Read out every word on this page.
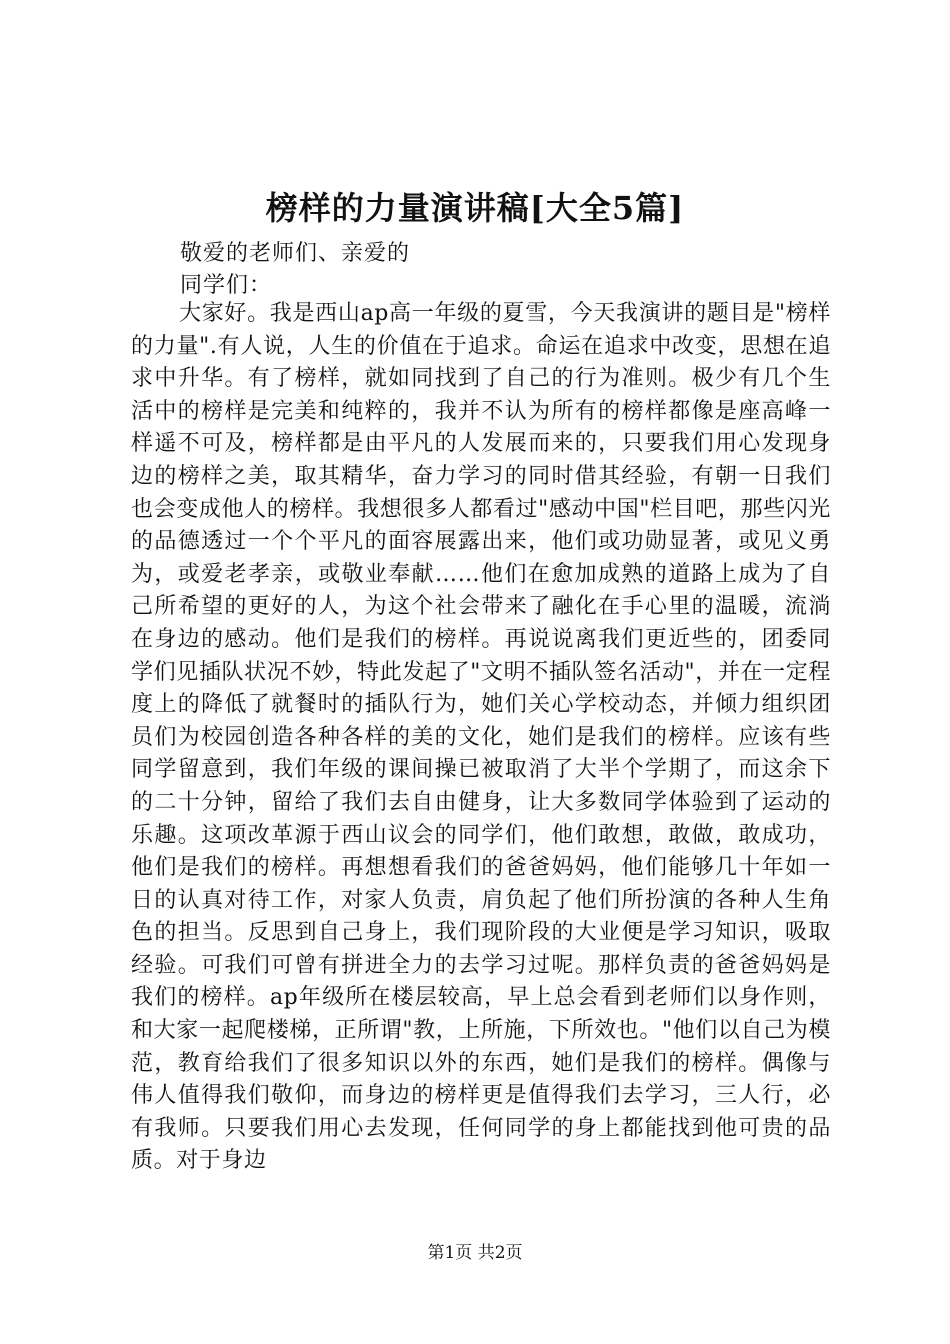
榜样的力量演讲稿[大全5篇]
敬爱的老师们、亲爱的
同学们：

大家好。我是西山ap高一年级的夏雪，今天我演讲的题目是"榜样的力量".有人说，人生的价值在于追求。命运在追求中改变，思想在追求中升华。有了榜样，就如同找到了自己的行为准则。极少有几个生活中的榜样是完美和纯粹的，我并不认为所有的榜样都像是座高峰一样遥不可及，榜样都是由平凡的人发展而来的，只要我们用心发现身边的榜样之美，取其精华，奋力学习的同时借其经验，有朝一日我们也会变成他人的榜样。我想很多人都看过"感动中国"栏目吧，那些闪光的品德透过一个个平凡的面容展露出来，他们或功勋显著，或见义勇为，或爱老孝亲，或敬业奉献……他们在愈加成熟的道路上成为了自己所希望的更好的人，为这个社会带来了融化在手心里的温暖，流淌在身边的感动。他们是我们的榜样。再说说离我们更近些的，团委同学们见插队状况不妙，特此发起了"文明不插队签名活动"，并在一定程度上的降低了就餐时的插队行为，她们关心学校动态，并倾力组织团员们为校园创造各种各样的美的文化，她们是我们的榜样。应该有些同学留意到，我们年级的课间操已被取消了大半个学期了，而这余下的二十分钟，留给了我们去自由健身，让大多数同学体验到了运动的乐趣。这项改革源于西山议会的同学们，他们敢想，敢做，敢成功，他们是我们的榜样。再想想看我们的爸爸妈妈，他们能够几十年如一日的认真对待工作，对家人负责，肩负起了他们所扮演的各种人生角色的担当。反思到自己身上，我们现阶段的大业便是学习知识，吸取经验。可我们可曾有拼进全力的去学习过呢。那样负责的爸爸妈妈是我们的榜样。ap年级所在楼层较高，早上总会看到老师们以身作则，和大家一起爬楼梯，正所谓"教，上所施，下所效也。"他们以自己为模范，教育给我们了很多知识以外的东西，她们是我们的榜样。偶像与伟人值得我们敬仰，而身边的榜样更是值得我们去学习，三人行，必有我师。只要我们用心去发现，任何同学的身上都能找到他可贵的品质。对于身边

第1页 共2页
